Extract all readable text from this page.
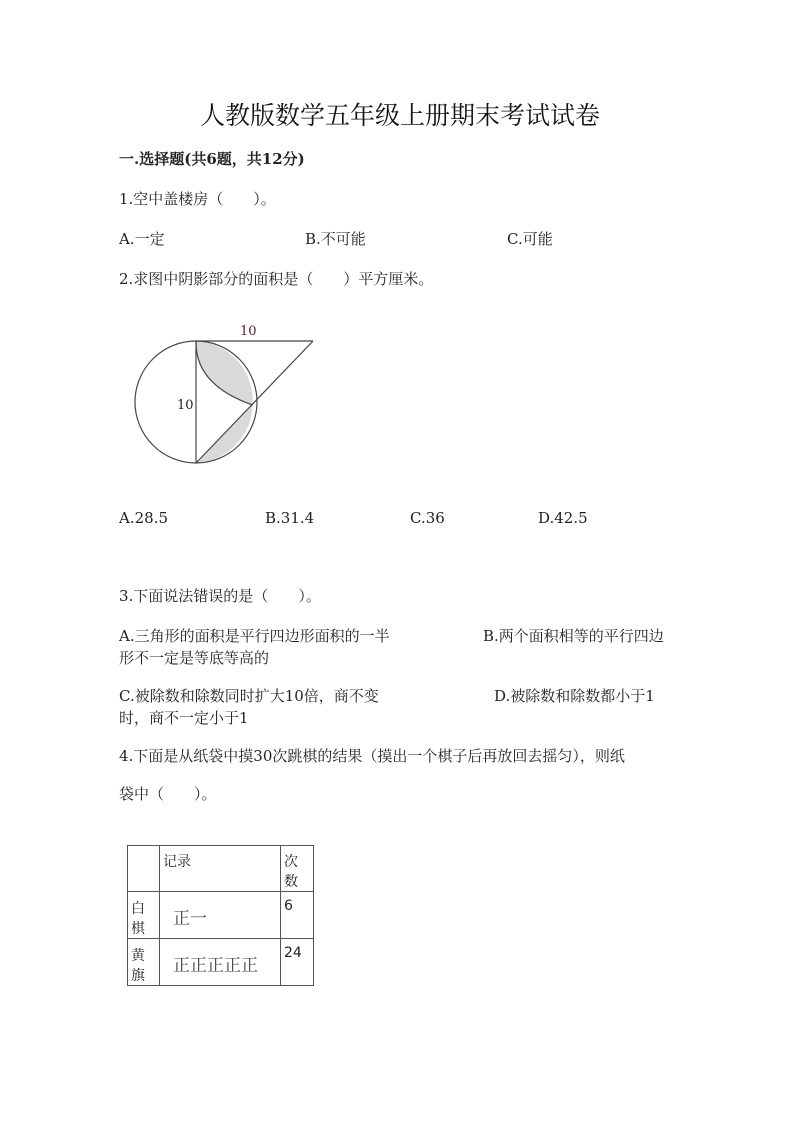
人教版数学五年级上册期末考试试卷
一.选择题(共6题，共12分)
1.空中盖楼房（　　）。
A.一定	B.不可能	C.可能
2.求图中阴影部分的面积是（　　）平方厘米。
10
10
A.28.5	B.31.4	C.36	D.42.5
3.下面说法错误的是（　　）。
A.三角形的面积是平行四边形面积的一半	B.两个面积相等的平行四边
形不一定是等底等高的
C.被除数和除数同时扩大10倍，商不变	D.被除数和除数都小于1
时，商不一定小于1
4.下面是从纸袋中摸30次跳棋的结果（摸出一个棋子后再放回去摇匀），则纸
袋中（　　）。
	记录	次数
白棋	正一	6
黄旗	正正正正正	24
